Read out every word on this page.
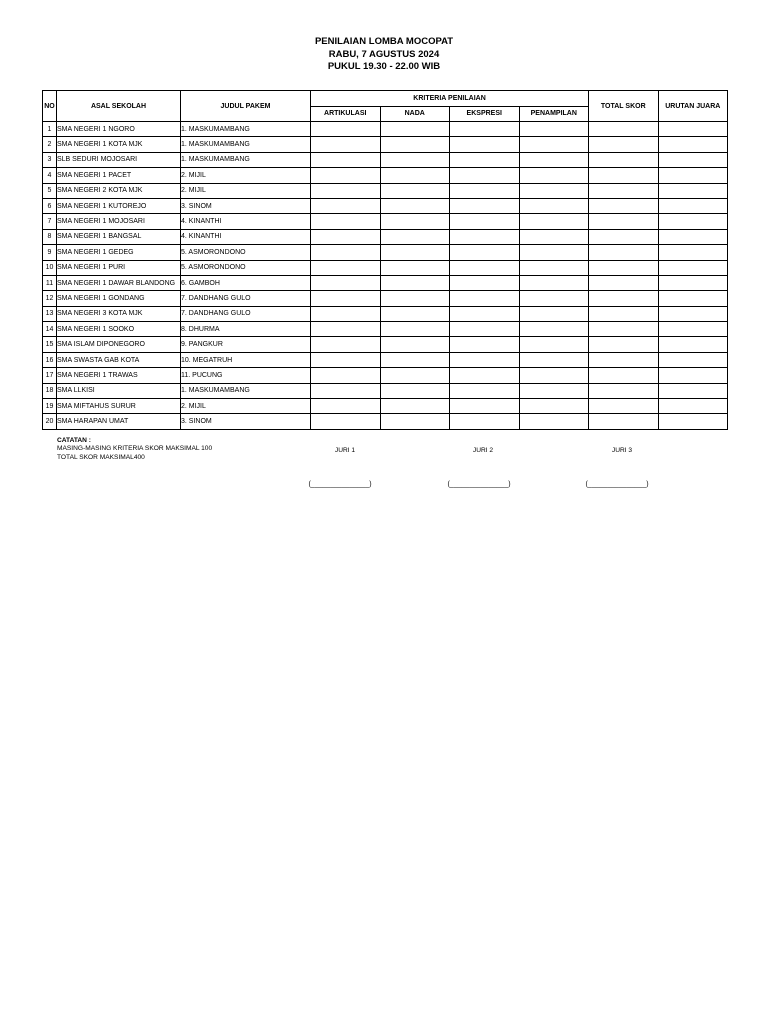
PENILAIAN LOMBA MOCOPAT
RABU, 7 AGUSTUS 2024
PUKUL 19.30 - 22.00 WIB
NO	ASAL SEKOLAH	JUDUL PAKEM	KRITERIA PENILAIAN				TOTAL SKOR	URUTAN JUARA
			ARTIKULASI	NADA	EKSPRESI	PENAMPILAN		
1	SMA NEGERI 1 NGORO	1. MASKUMAMBANG						
2	SMA NEGERI 1 KOTA MJK	1. MASKUMAMBANG						
3	SLB SEDURI MOJOSARI	1. MASKUMAMBANG						
4	SMA NEGERI 1 PACET	2. MIJIL						
5	SMA NEGERI 2 KOTA MJK	2. MIJIL						
6	SMA NEGERI 1 KUTOREJO	3. SINOM						
7	SMA NEGERI 1 MOJOSARI	4. KINANTHI						
8	SMA NEGERI 1 BANGSAL	4. KINANTHI						
9	SMA NEGERI 1 GEDEG	5. ASMORONDONO						
10	SMA NEGERI 1 PURI	5. ASMORONDONO						
11	SMA NEGERI 1 DAWAR BLANDONG	6. GAMBOH						
12	SMA NEGERI 1 GONDANG	7. DANDHANG GULO						
13	SMA NEGERI 3 KOTA MJK	7. DANDHANG GULO						
14	SMA NEGERI 1 SOOKO	8. DHURMA						
15	SMA ISLAM DIPONEGORO	9. PANGKUR						
16	SMA SWASTA GAB KOTA	10. MEGATRUH						
17	SMA NEGERI 1 TRAWAS	11. PUCUNG						
18	SMA LLKISI	1. MASKUMAMBANG						
19	SMA MIFTAHUS SURUR	2. MIJIL						
20	SMA HARAPAN UMAT	3. SINOM						
CATATAN :
MASING-MASING KRITERIA SKOR MAKSIMAL 100
TOTAL SKOR MAKSIMAL400
JURI 1	JURI 2	JURI 3
(_______________)	(_______________)	(_______________)
